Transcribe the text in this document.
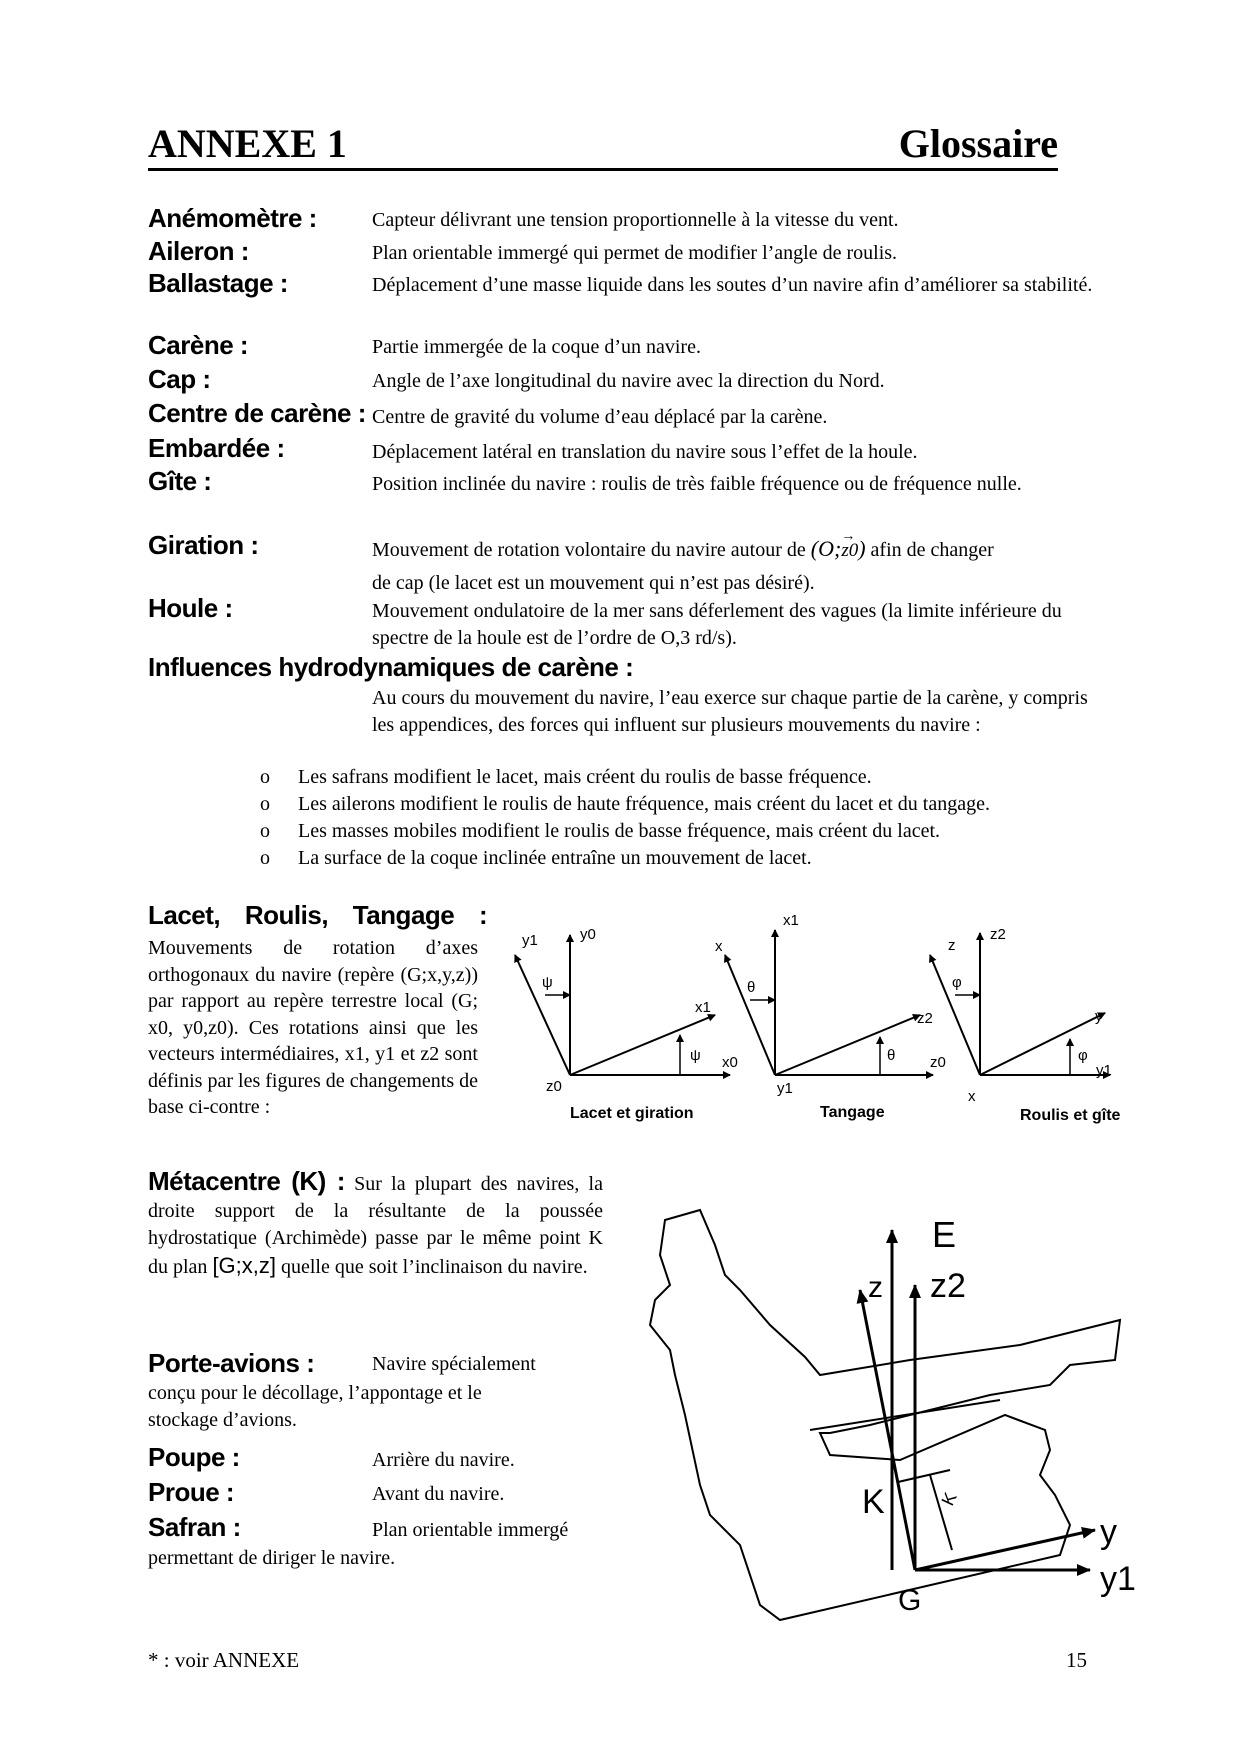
ANNEXE 1	Glossaire
Anémomètre :	Capteur délivrant une tension proportionnelle à la vitesse du vent.
Aileron :	Plan orientable immergé qui permet de modifier l’angle de roulis.
Ballastage :	Déplacement d’une masse liquide dans les soutes d’un navire afin d’améliorer sa stabilité.
Carène :	Partie immergée de la coque d’un navire.
Cap :	Angle de l’axe longitudinal du navire avec la direction du Nord.
Centre de carène : Centre de gravité du volume d’eau déplacé par la carène.
Embardée :	Déplacement latéral en translation du navire sous l’effet de la houle.
Gîte :	Position inclinée du navire : roulis de très faible fréquence ou de fréquence nulle.
Giration :	Mouvement de rotation volontaire du navire autour de (O;→ z0) afin de changer
de cap (le lacet est un mouvement qui n’est pas désiré).
Houle :	Mouvement ondulatoire de la mer sans déferlement des vagues (la limite inférieure du spectre de la houle est de l’ordre de O,3 rd/s).
Influences hydrodynamiques de carène :
Au cours du mouvement du navire, l’eau exerce sur chaque partie de la carène, y compris les appendices, des forces qui influent sur plusieurs mouvements du navire :
o Les safrans modifient le lacet, mais créent du roulis de basse fréquence.
o Les ailerons modifient le roulis de haute fréquence, mais créent du lacet et du tangage.
o Les masses mobiles modifient le roulis de basse fréquence, mais créent du lacet.
o La surface de la coque inclinée entraîne un mouvement de lacet.
Lacet, Roulis, Tangage :
Mouvements de rotation d’axes orthogonaux du navire (repère (G;x,y,z)) par rapport au repère terrestre local (G; x0, y0,z0). Ces rotations ainsi que les vecteurs intermédiaires, x1, y1 et z2 sont définis par les figures de changements de base ci-contre :
y1	y0
x1
x0
z0
ψ
ψ
Lacet et giration
x
x1
z2
z0
y1
θ
θ
Tangage
z
z2
y
y1
x
φ
φ
Roulis et gîte
Métacentre (K) : Sur la plupart des navires, la droite support de la résultante de la poussée hydrostatique (Archimède) passe par le même point K du plan [G;x,z] quelle que soit l’inclinaison du navire.
E
z z2
K	K
y
y1
G
Porte-avions :	Navire spécialement
conçu pour le décollage, l’appontage et le stockage d’avions.
Poupe :	Arrière du navire.
Proue :	Avant du navire.
Safran :	Plan orientable immergé
permettant de diriger le navire.
* : voir ANNEXE	15
